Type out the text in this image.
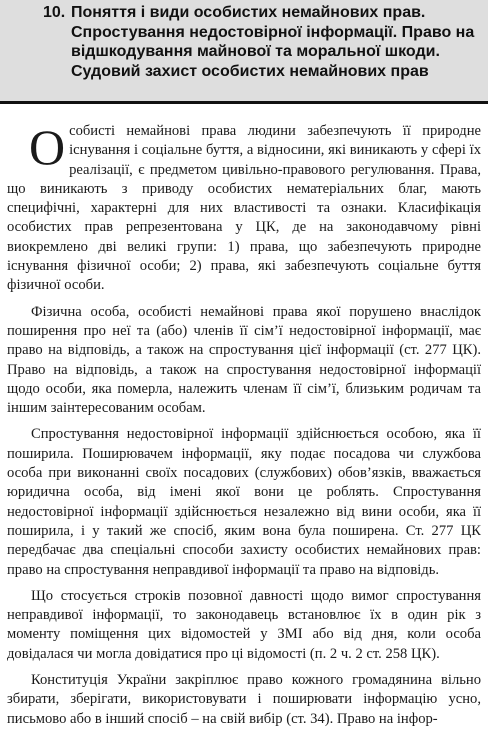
10. Поняття і види особистих немайнових прав. Спростування недостовірної інформації. Право на відшкодування майнової та моральної шкоди. Судовий захист особистих немайнових прав

Особисті немайнові права людини забезпечують її природне існування і соціальне буття, а відносини, які виникають у сфері їх реалізації, є предметом цивільно-правового регулювання. Права, що виникають з приводу особистих нематеріальних благ, мають специфічні, характерні для них властивості та ознаки. Класифікація особистих прав репрезентована у ЦК, де на законодавчому рівні виокремлено дві великі групи: 1) права, що забезпечують природне існування фізичної особи; 2) права, які забезпечують соціальне буття фізичної особи.

Фізична особа, особисті немайнові права якої порушено внаслідок поширення про неї та (або) членів її сім’ї недостовірної інформації, має право на відповідь, а також на спростування цієї інформації (ст. 277 ЦК). Право на відповідь, а також на спростування недостовірної інформації щодо особи, яка померла, належить членам її сім’ї, близьким родичам та іншим заінтересованим особам.

Спростування недостовірної інформації здійснюється особою, яка її поширила. Поширювачем інформації, яку подає посадова чи службова особа при виконанні своїх посадових (службових) обов’язків, вважається юридична особа, від імені якої вони це роблять. Спростування недостовірної інформації здійснюється незалежно від вини особи, яка її поширила, і у такий же спосіб, яким вона була поширена. Ст. 277 ЦК передбачає два спеціальні способи захисту особистих немайнових прав: право на спростування неправдивої інформації та право на відповідь.

Що стосується строків позовної давності щодо вимог спростування неправдивої інформації, то законодавець встановлює їх в один рік з моменту поміщення цих відомостей у ЗМІ або від дня, коли особа довідалася чи могла довідатися про ці відомості (п. 2 ч. 2 ст. 258 ЦК).

Конституція України закріплює право кожного громадянина вільно збирати, зберігати, використовувати і поширювати інформацію усно, письмово або в інший спосіб – на свій вибір (ст. 34). Право на інфор-
